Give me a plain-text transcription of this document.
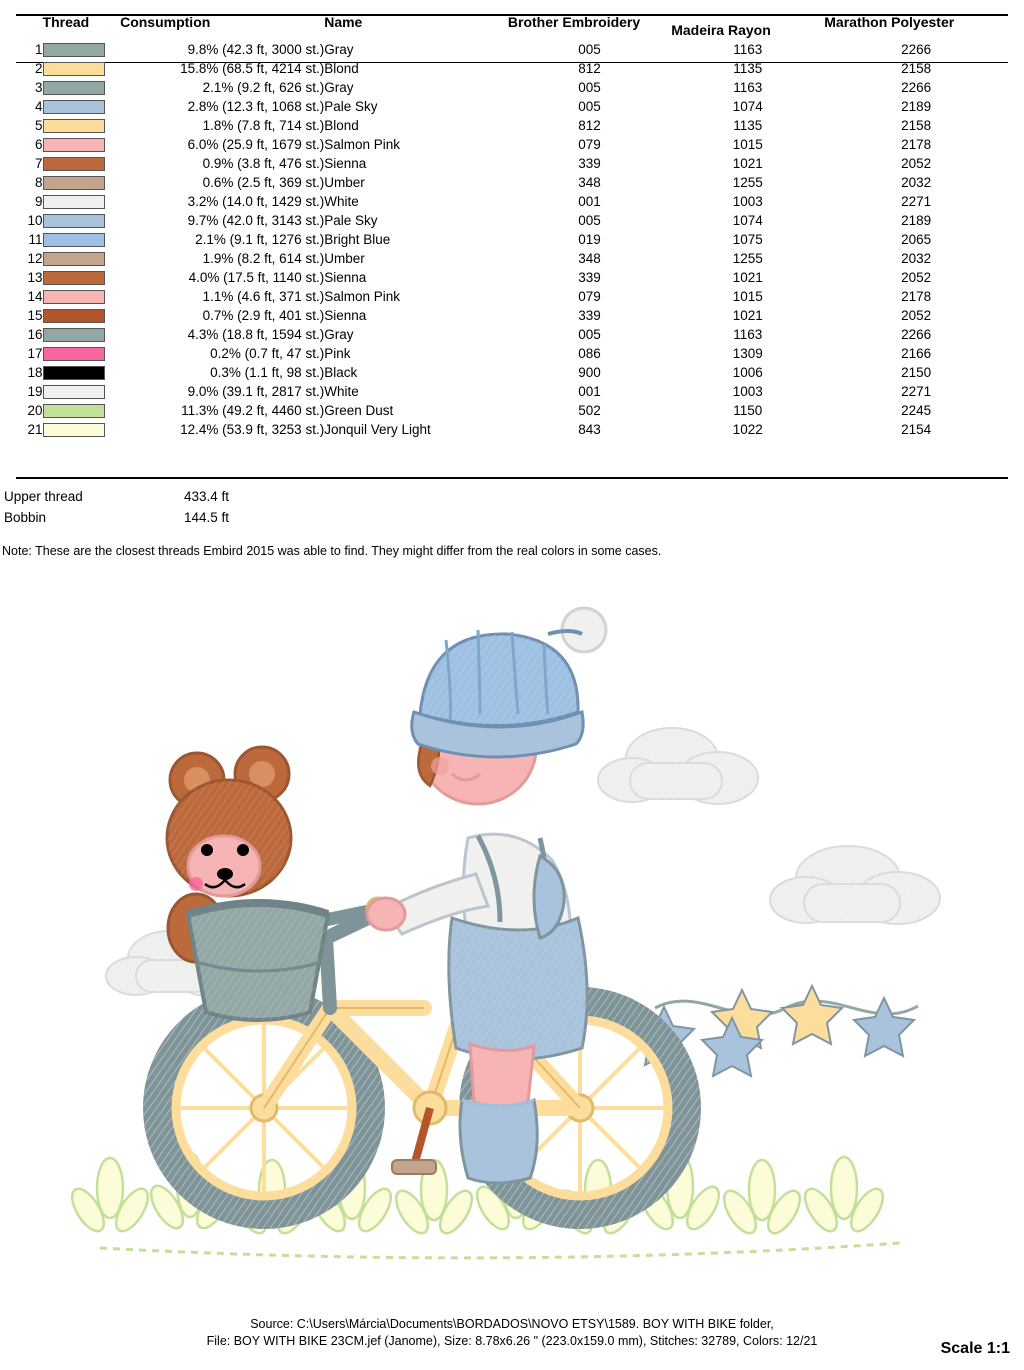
	Thread	Consumption	Name	Brother Embroidery	Madeira Rayon	Marathon Polyester
1		9.8% (42.3 ft, 3000 st.)	Gray	005	1163	2266
2		15.8% (68.5 ft, 4214 st.)	Blond	812	1135	2158
3		2.1% (9.2 ft, 626 st.)	Gray	005	1163	2266
4		2.8% (12.3 ft, 1068 st.)	Pale Sky	005	1074	2189
5		1.8% (7.8 ft, 714 st.)	Blond	812	1135	2158
6		6.0% (25.9 ft, 1679 st.)	Salmon Pink	079	1015	2178
7		0.9% (3.8 ft, 476 st.)	Sienna	339	1021	2052
8		0.6% (2.5 ft, 369 st.)	Umber	348	1255	2032
9		3.2% (14.0 ft, 1429 st.)	White	001	1003	2271
10		9.7% (42.0 ft, 3143 st.)	Pale Sky	005	1074	2189
11		2.1% (9.1 ft, 1276 st.)	Bright Blue	019	1075	2065
12		1.9% (8.2 ft, 614 st.)	Umber	348	1255	2032
13		4.0% (17.5 ft, 1140 st.)	Sienna	339	1021	2052
14		1.1% (4.6 ft, 371 st.)	Salmon Pink	079	1015	2178
15		0.7% (2.9 ft, 401 st.)	Sienna	339	1021	2052
16		4.3% (18.8 ft, 1594 st.)	Gray	005	1163	2266
17		0.2% (0.7 ft, 47 st.)	Pink	086	1309	2166
18		0.3% (1.1 ft, 98 st.)	Black	900	1006	2150
19		9.0% (39.1 ft, 2817 st.)	White	001	1003	2271
20		11.3% (49.2 ft, 4460 st.)	Green Dust	502	1150	2245
21		12.4% (53.9 ft, 3253 st.)	Jonquil Very Light	843	1022	2154
Upper thread	433.4 ft
Bobbin	144.5 ft
Note: These are the closest threads Embird 2015 was able to find. They might differ from the real colors in some cases.
Source: C:\Users\Márcia\Documents\BORDADOS\NOVO ETSY\1589. BOY WITH BIKE folder,
File: BOY WITH BIKE 23CM.jef (Janome), Size: 8.78x6.26 " (223.0x159.0 mm), Stitches: 32789, Colors: 12/21	Scale 1:1
